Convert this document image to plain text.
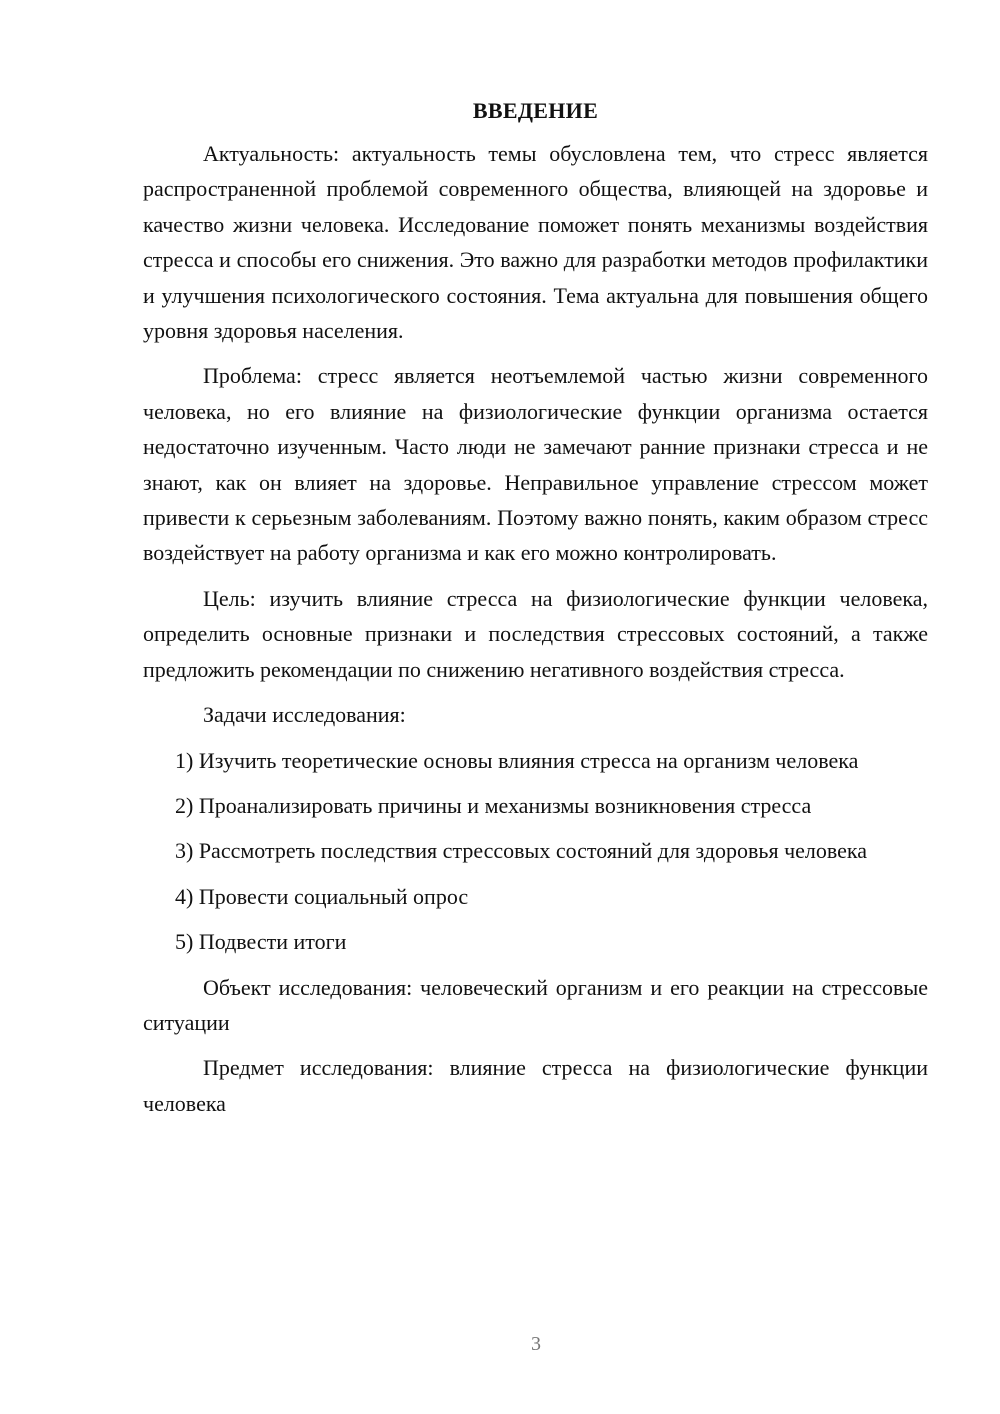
ВВЕДЕНИЕ

Актуальность: актуальность темы обусловлена тем, что стресс является распространенной проблемой современного общества, влияющей на здоровье и качество жизни человека. Исследование поможет понять механизмы воздействия стресса и способы его снижения. Это важно для разработки методов профилактики и улучшения психологического состояния. Тема актуальна для повышения общего уровня здоровья населения.

Проблема: стресс является неотъемлемой частью жизни современного человека, но его влияние на физиологические функции организма остается недостаточно изученным. Часто люди не замечают ранние признаки стресса и не знают, как он влияет на здоровье. Неправильное управление стрессом может привести к серьезным заболеваниям. Поэтому важно понять, каким образом стресс воздействует на работу организма и как его можно контролировать.

Цель: изучить влияние стресса на физиологические функции человека, определить основные признаки и последствия стрессовых состояний, а также предложить рекомендации по снижению негативного воздействия стресса.

Задачи исследования:

1) Изучить теоретические основы влияния стресса на организм человека

2) Проанализировать причины и механизмы возникновения стресса

3) Рассмотреть последствия стрессовых состояний для здоровья человека

4) Провести социальный опрос

5) Подвести итоги

Объект исследования: человеческий организм и его реакции на стрессовые ситуации

Предмет исследования: влияние стресса на физиологические функции человека

3
